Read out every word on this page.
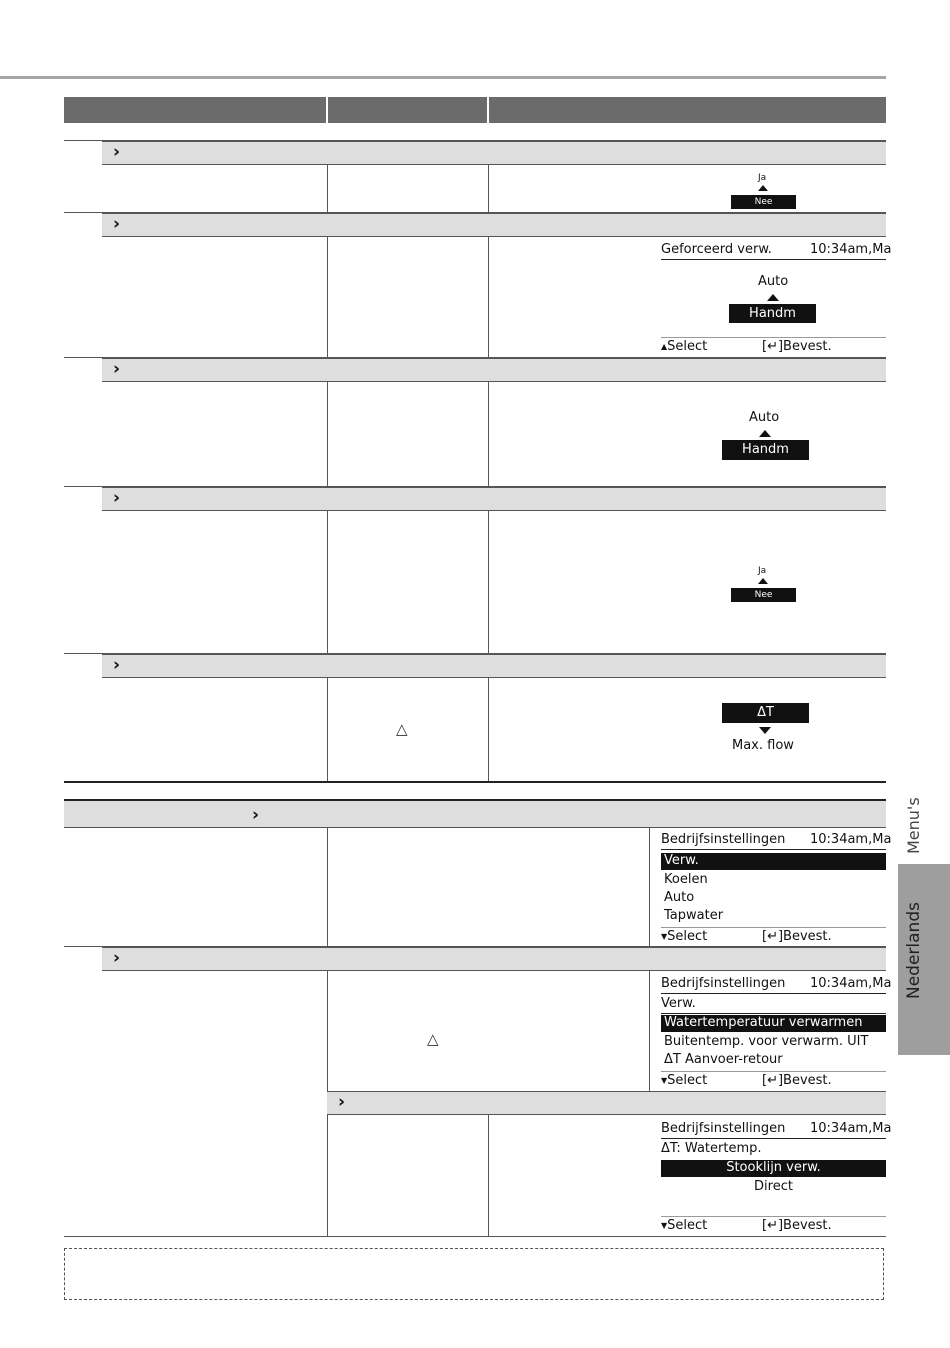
›
Ja
Nee
›
Geforceerd verw.	10:34am,Ma
Auto
Handm
▲Select	[↵]Bevest.
›
Auto
Handm
›
Ja
Nee
›
△
ΔT
Max. flow
›
Bedrijfsinstellingen 10:34am,Ma
Verw.
Koelen
Auto
Tapwater
▼Select	[↵]Bevest.
›
△
Bedrijfsinstellingen 10:34am,Ma
Verw.
Watertemperatuur verwarmen
Buitentemp. voor verwarm. UIT
ΔT Aanvoer-retour
▼Select	[↵]Bevest.
›
Bedrijfsinstellingen 10:34am,Ma
ΔT: Watertemp.
Stooklijn verw.
Direct
▼Select	[↵]Bevest.
Menu's
Nederlands
